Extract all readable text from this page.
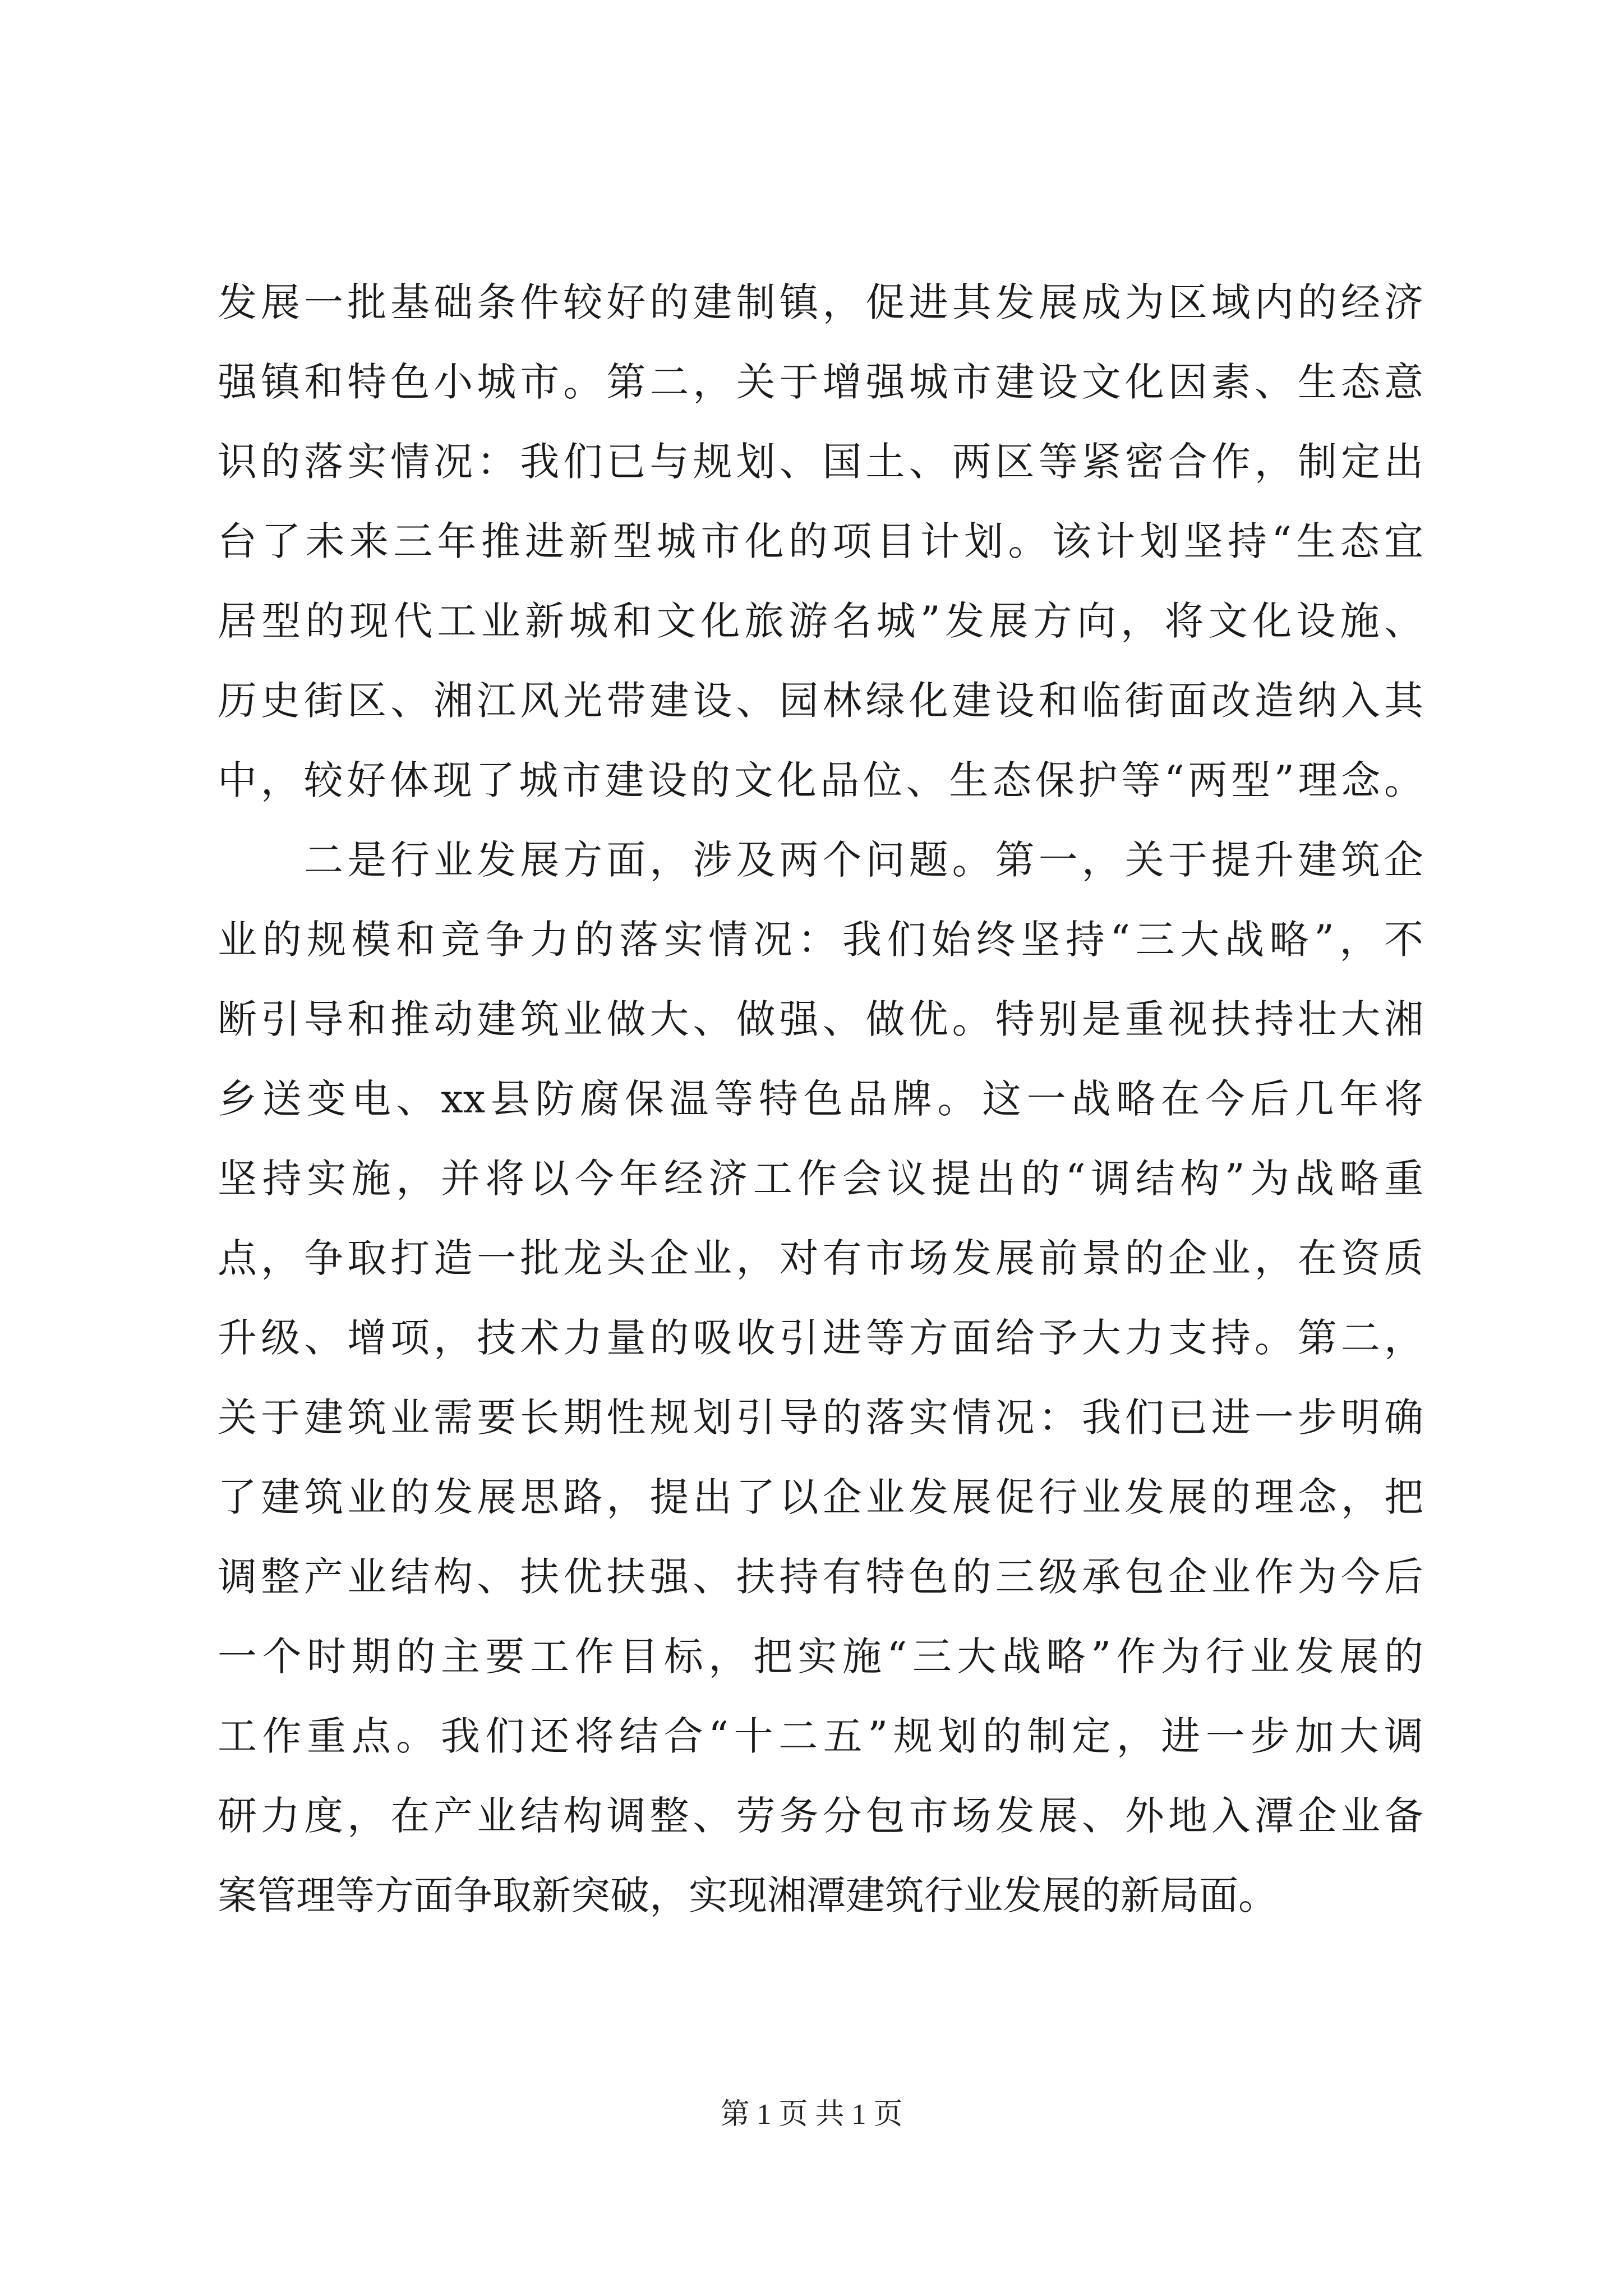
发展一批基础条件较好的建制镇，促进其发展成为区域内的经济
强镇和特色小城市。第二，关于增强城市建设文化因素、生态意
识的落实情况：我们已与规划、国土、两区等紧密合作，制定出
台了未来三年推进新型城市化的项目计划。该计划坚持“生态宜
居型的现代工业新城和文化旅游名城”发展方向，将文化设施、
历史街区、湘江风光带建设、园林绿化建设和临街面改造纳入其
中，较好体现了城市建设的文化品位、生态保护等“两型”理念。
　　二是行业发展方面，涉及两个问题。第一，关于提升建筑企
业的规模和竞争力的落实情况：我们始终坚持“三大战略”，不
断引导和推动建筑业做大、做强、做优。特别是重视扶持壮大湘
乡送变电、xx县防腐保温等特色品牌。这一战略在今后几年将
坚持实施，并将以今年经济工作会议提出的“调结构”为战略重
点，争取打造一批龙头企业，对有市场发展前景的企业，在资质
升级、增项，技术力量的吸收引进等方面给予大力支持。第二，
关于建筑业需要长期性规划引导的落实情况：我们已进一步明确
了建筑业的发展思路，提出了以企业发展促行业发展的理念，把
调整产业结构、扶优扶强、扶持有特色的三级承包企业作为今后
一个时期的主要工作目标，把实施“三大战略”作为行业发展的
工作重点。我们还将结合“十二五”规划的制定，进一步加大调
研力度，在产业结构调整、劳务分包市场发展、外地入潭企业备
案管理等方面争取新突破，实现湘潭建筑行业发展的新局面。
第 1 页 共 1 页
